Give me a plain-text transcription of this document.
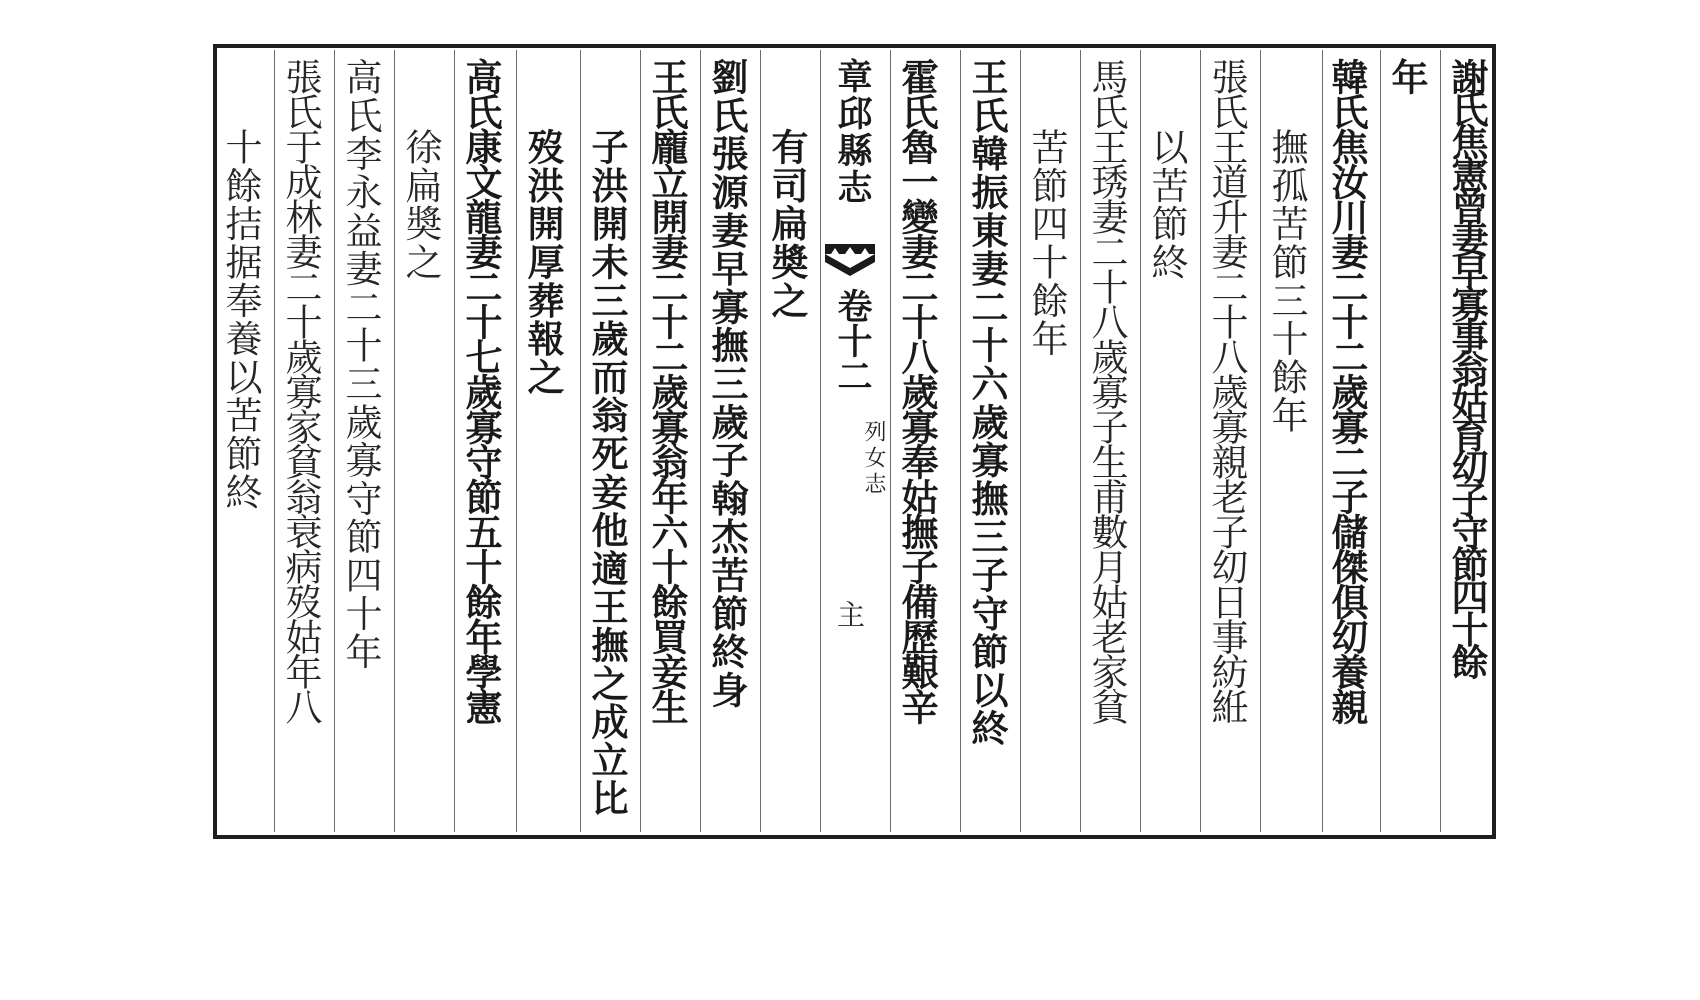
謝氏焦憲曾妻早寡事翁姑育㓜子守節四十餘
年
韓氏焦汝川妻二十二歲寡二子儲傑俱㓜養親
撫孤苦節三十餘年
張氏王道升妻二十八歲寡親老子㓜日事紡絍
以苦節終
馬氏王琇妻二十八歲寡子生甫數月姑老家貧
苦節四十餘年
王氏韓振東妻二十六歲寡撫三子守節以終
霍氏魯一變妻二十八歲寡奉姑撫子備歷艱辛
章邱縣志
卷十二
列女志
主
有司扁奬之
劉氏張源妻早寡撫三歲子翰杰苦節終身
王氏龐立開妻二十二歲寡翁年六十餘買妾生
子洪開未三歲而翁死妾他適王撫之成立比
歿洪開厚葬報之
高氏康文龍妻二十七歲寡守節五十餘年學憲
徐扁奬之
高氏李永益妻二十三歲寡守節四十年
張氏于成林妻二十歲寡家貧翁衰病歿姑年八
十餘拮据奉養以苦節終
